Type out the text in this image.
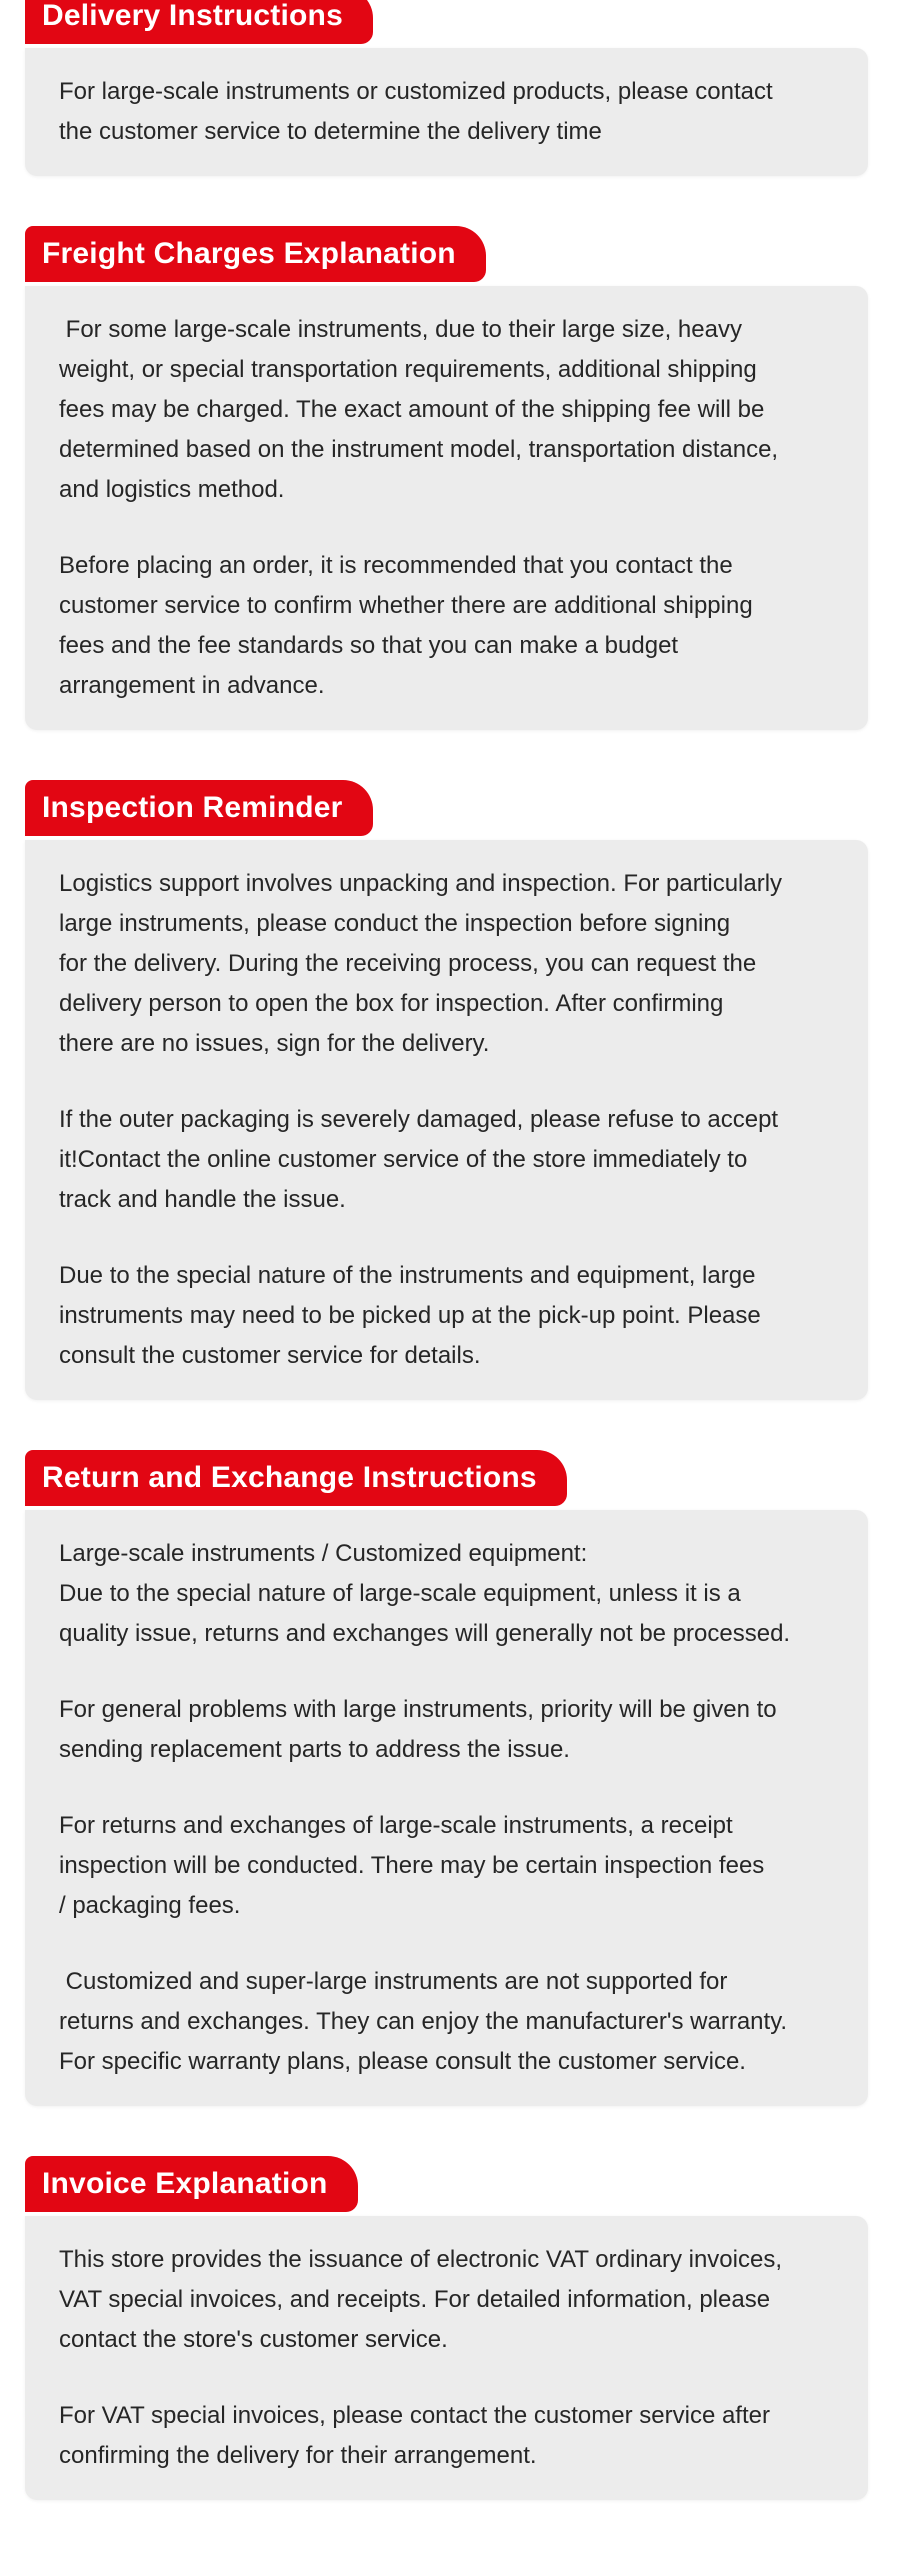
Delivery Instructions

For large-scale instruments or customized products, please contact
the customer service to determine the delivery time

Freight Charges Explanation

For some large-scale instruments, due to their large size, heavy
weight, or special transportation requirements, additional shipping
fees may be charged. The exact amount of the shipping fee will be
determined based on the instrument model, transportation distance,
and logistics method.

Before placing an order, it is recommended that you contact the
customer service to confirm whether there are additional shipping
fees and the fee standards so that you can make a budget
arrangement in advance.

Inspection Reminder

Logistics support involves unpacking and inspection. For particularly
large instruments, please conduct the inspection before signing
for the delivery. During the receiving process, you can request the
delivery person to open the box for inspection. After confirming
there are no issues, sign for the delivery.

If the outer packaging is severely damaged, please refuse to accept
it!Contact the online customer service of the store immediately to
track and handle the issue.

Due to the special nature of the instruments and equipment, large
instruments may need to be picked up at the pick-up point. Please
consult the customer service for details.

Return and Exchange Instructions

Large-scale instruments / Customized equipment:
Due to the special nature of large-scale equipment, unless it is a
quality issue, returns and exchanges will generally not be processed.

For general problems with large instruments, priority will be given to
sending replacement parts to address the issue.

For returns and exchanges of large-scale instruments, a receipt
inspection will be conducted. There may be certain inspection fees
/ packaging fees.

Customized and super-large instruments are not supported for
returns and exchanges. They can enjoy the manufacturer's warranty.
For specific warranty plans, please consult the customer service.

Invoice Explanation

This store provides the issuance of electronic VAT ordinary invoices,
VAT special invoices, and receipts. For detailed information, please
contact the store's customer service.

For VAT special invoices, please contact the customer service after
confirming the delivery for their arrangement.
